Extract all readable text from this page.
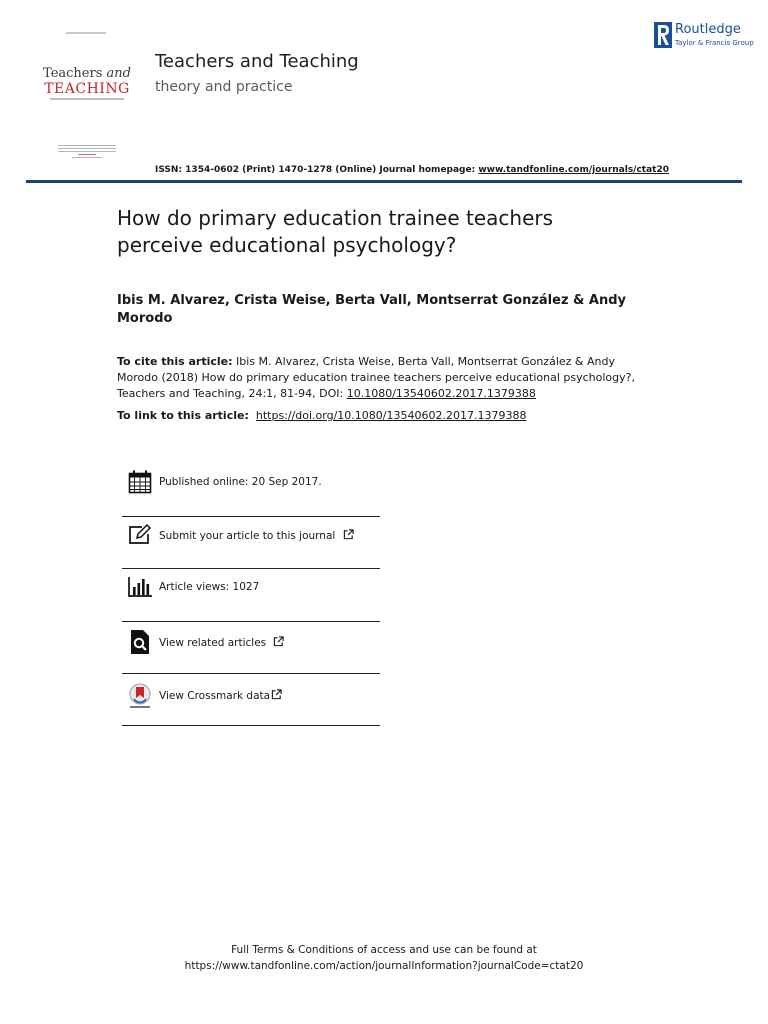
Teachers and
TEACHING
Teachers and Teaching
theory and practice
Routledge
Taylor & Francis Group
ISSN: 1354-0602 (Print) 1470-1278 (Online) Journal homepage: www.tandfonline.com/journals/ctat20
How do primary education trainee teachers perceive educational psychology?
Ibis M. Alvarez, Crista Weise, Berta Vall, Montserrat González & Andy Morodo
To cite this article: Ibis M. Alvarez, Crista Weise, Berta Vall, Montserrat González & Andy Morodo (2018) How do primary education trainee teachers perceive educational psychology?, Teachers and Teaching, 24:1, 81-94, DOI: 10.1080/13540602.2017.1379388
To link to this article: https://doi.org/10.1080/13540602.2017.1379388
Published online: 20 Sep 2017.
Submit your article to this journal
Article views: 1027
View related articles
View Crossmark data
Full Terms & Conditions of access and use can be found at
https://www.tandfonline.com/action/journalInformation?journalCode=ctat20
